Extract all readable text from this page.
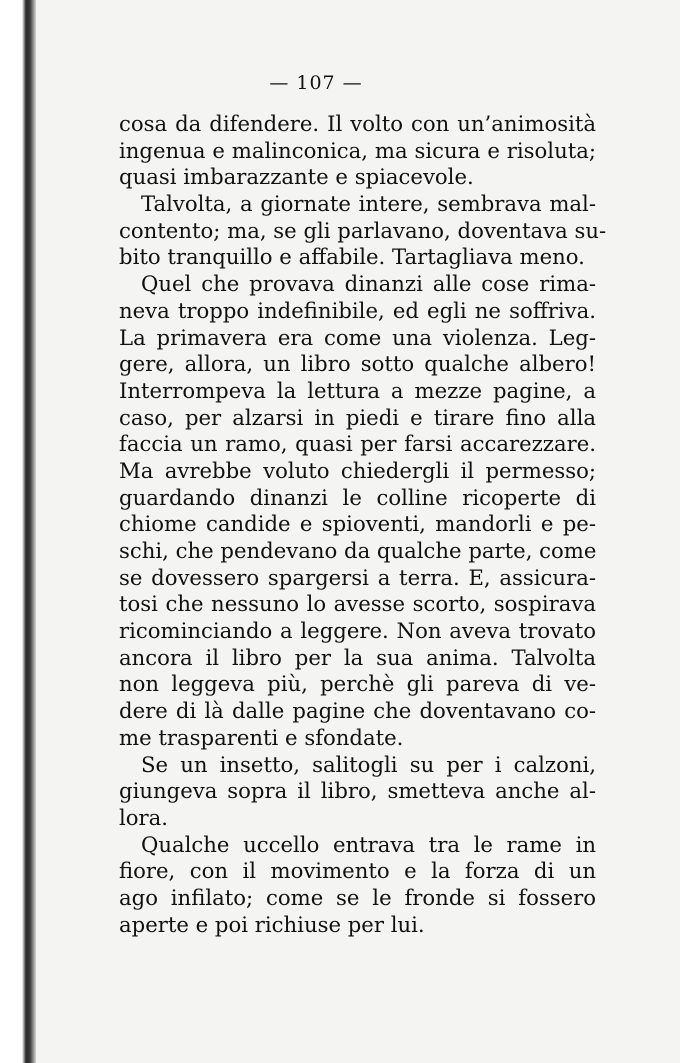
— 107 —

cosa da difendere. Il volto con un’animosità
ingenua e malinconica, ma sicura e risoluta;
quasi imbarazzante e spiacevole.

Talvolta, a giornate intere, sembrava mal-
contento; ma, se gli parlavano, doventava su-
bito tranquillo e affabile. Tartagliava meno.

Quel che provava dinanzi alle cose rima-
neva troppo indefinibile, ed egli ne soffriva.
La primavera era come una violenza. Leg-
gere, allora, un libro sotto qualche albero!
Interrompeva la lettura a mezze pagine, a
caso, per alzarsi in piedi e tirare fino alla
faccia un ramo, quasi per farsi accarezzare.
Ma avrebbe voluto chiedergli il permesso;
guardando dinanzi le colline ricoperte di
chiome candide e spioventi, mandorli e pe-
schi, che pendevano da qualche parte, come
se dovessero spargersi a terra. E, assicura-
tosi che nessuno lo avesse scorto, sospirava
ricominciando a leggere. Non aveva trovato
ancora il libro per la sua anima. Talvolta
non leggeva più, perchè gli pareva di ve-
dere di là dalle pagine che doventavano co-
me trasparenti e sfondate.

Se un insetto, salitogli su per i calzoni,
giungeva sopra il libro, smetteva anche al-
lora.

Qualche uccello entrava tra le rame in
fiore, con il movimento e la forza di un
ago infilato; come se le fronde si fossero
aperte e poi richiuse per lui.
